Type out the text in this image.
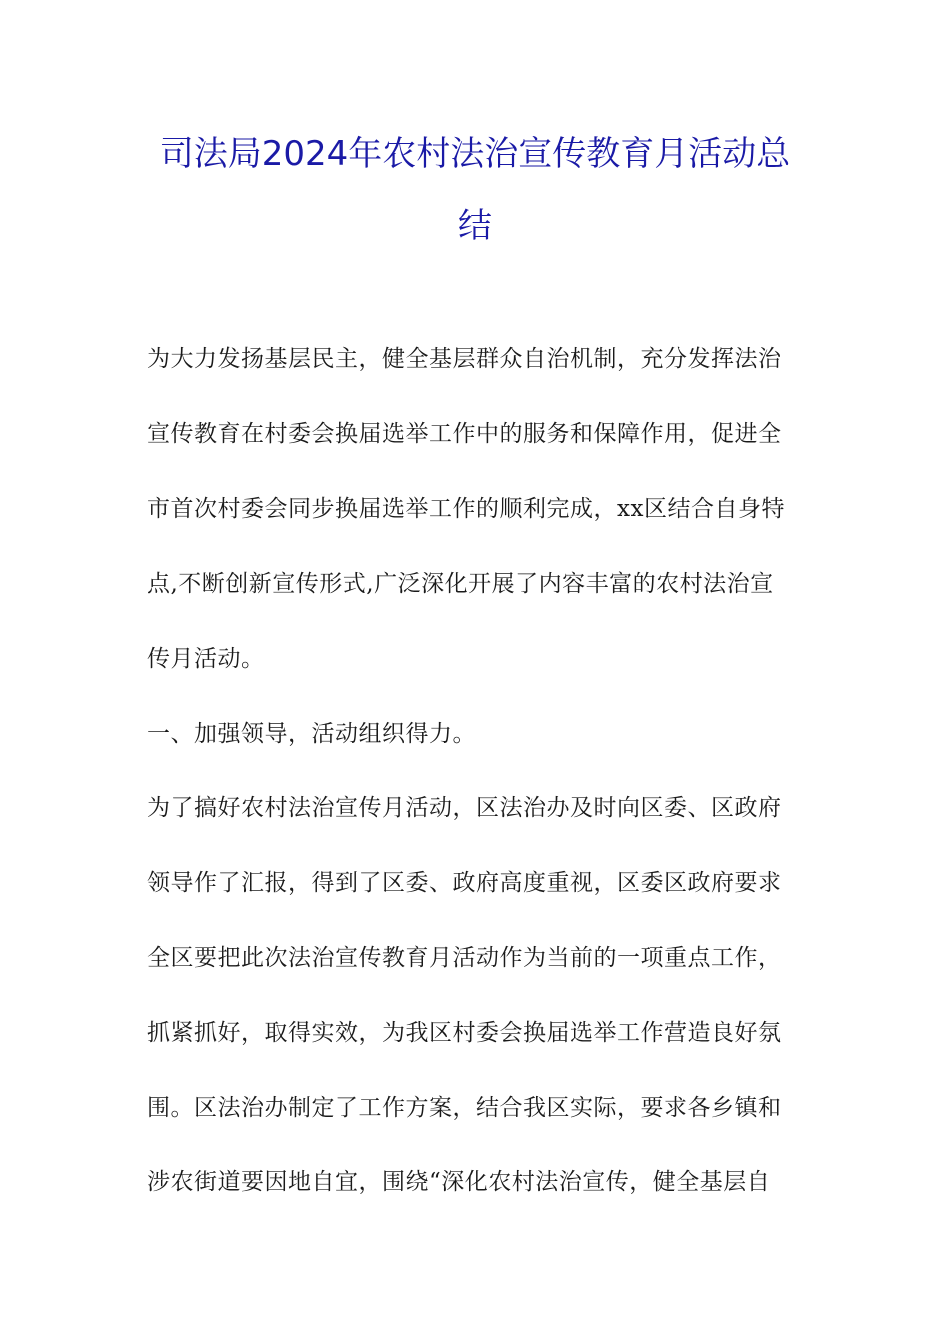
司法局2024年农村法治宣传教育月活动总
结
为大力发扬基层民主，健全基层群众自治机制，充分发挥法治
宣传教育在村委会换届选举工作中的服务和保障作用，促进全
市首次村委会同步换届选举工作的顺利完成，xx区结合自身特
点,不断创新宣传形式,广泛深化开展了内容丰富的农村法治宣
传月活动。
一、加强领导，活动组织得力。
为了搞好农村法治宣传月活动，区法治办及时向区委、区政府
领导作了汇报，得到了区委、政府高度重视，区委区政府要求
全区要把此次法治宣传教育月活动作为当前的一项重点工作，
抓紧抓好，取得实效，为我区村委会换届选举工作营造良好氛
围。区法治办制定了工作方案，结合我区实际，要求各乡镇和
涉农街道要因地自宜，围绕“深化农村法治宣传，健全基层自
